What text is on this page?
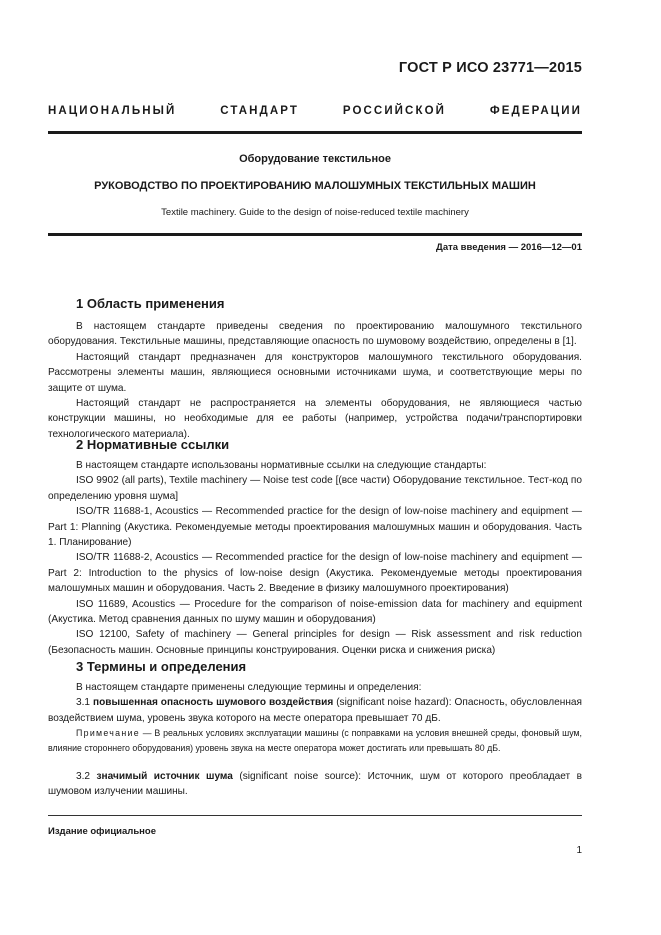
ГОСТ Р ИСО 23771—2015
НАЦИОНАЛЬНЫЙ СТАНДАРТ РОССИЙСКОЙ ФЕДЕРАЦИИ
Оборудование текстильное
РУКОВОДСТВО ПО ПРОЕКТИРОВАНИЮ МАЛОШУМНЫХ ТЕКСТИЛЬНЫХ МАШИН
Textile machinery. Guide to the design of noise-reduced textile machinery
Дата введения — 2016—12—01
1 Область применения

В настоящем стандарте приведены сведения по проектированию малошумного текстильного оборудования. Текстильные машины, представляющие опасность по шумовому воздействию, определены в [1].

Настоящий стандарт предназначен для конструкторов малошумного текстильного оборудования. Рассмотрены элементы машин, являющиеся основными источниками шума, и соответствующие меры по защите от шума.

Настоящий стандарт не распространяется на элементы оборудования, не являющиеся частью конструкции машины, но необходимые для ее работы (например, устройства подачи/транспортировки технологического материала).

2 Нормативные ссылки

В настоящем стандарте использованы нормативные ссылки на следующие стандарты:

ISO 9902 (all parts), Textile machinery — Noise test code [(все части) Оборудование текстильное. Тест-код по определению уровня шума]

ISO/TR 11688-1, Acoustics — Recommended practice for the design of low-noise machinery and equipment — Part 1: Planning (Акустика. Рекомендуемые методы проектирования малошумных машин и оборудования. Часть 1. Планирование)

ISO/TR 11688-2, Acoustics — Recommended practice for the design of low-noise machinery and equipment — Part 2: Introduction to the physics of low-noise design (Акустика. Рекомендуемые методы проектирования малошумных машин и оборудования. Часть 2. Введение в физику малошумного проектирования)

ISO 11689, Acoustics — Procedure for the comparison of noise-emission data for machinery and equipment (Акустика. Метод сравнения данных по шуму машин и оборудования)

ISO 12100, Safety of machinery — General principles for design — Risk assessment and risk reduction (Безопасность машин. Основные принципы конструирования. Оценки риска и снижения риска)

3 Термины и определения

В настоящем стандарте применены следующие термины и определения:

3.1 повышенная опасность шумового воздействия (significant noise hazard): Опасность, обусловленная воздействием шума, уровень звука которого на месте оператора превышает 70 дБ.

Примечание — В реальных условиях эксплуатации машины (с поправками на условия внешней среды, фоновый шум, влияние стороннего оборудования) уровень звука на месте оператора может достигать или превышать 80 дБ.

3.2 значимый источник шума (significant noise source): Источник, шум от которого преобладает в шумовом излучении машины.

Издание официальное
1
